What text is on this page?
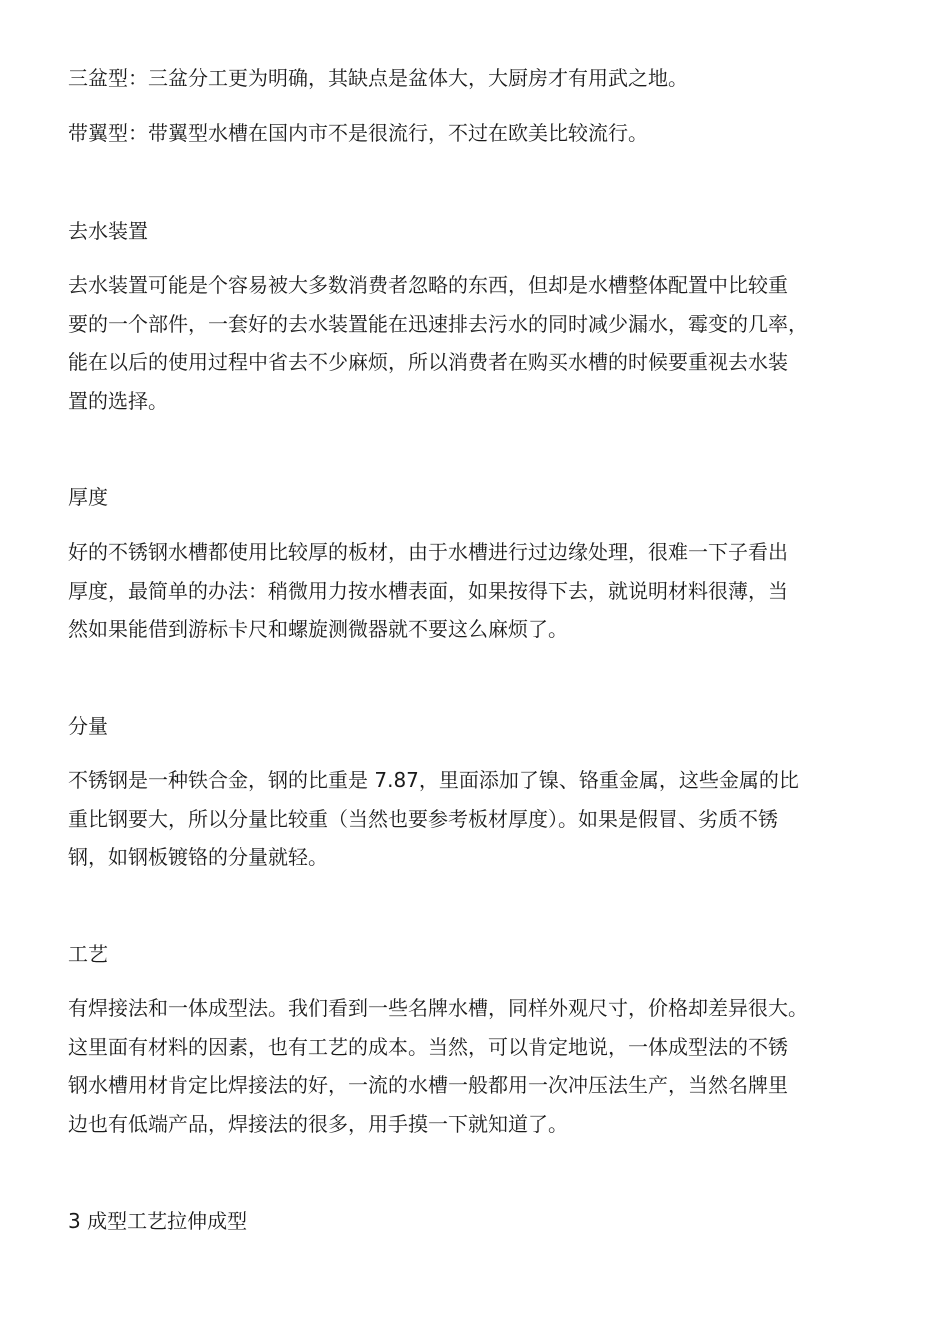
三盆型：三盆分工更为明确，其缺点是盆体大，大厨房才有用武之地。
带翼型：带翼型水槽在国内市不是很流行，不过在欧美比较流行。
去水装置

去水装置可能是个容易被大多数消费者忽略的东西，但却是水槽整体配置中比较重
要的一个部件，一套好的去水装置能在迅速排去污水的同时减少漏水，霉变的几率，
能在以后的使用过程中省去不少麻烦，所以消费者在购买水槽的时候要重视去水装
置的选择。

厚度

好的不锈钢水槽都使用比较厚的板材，由于水槽进行过边缘处理，很难一下子看出
厚度，最简单的办法：稍微用力按水槽表面，如果按得下去，就说明材料很薄，当
然如果能借到游标卡尺和螺旋测微器就不要这么麻烦了。

分量

不锈钢是一种铁合金，钢的比重是 7.87，里面添加了镍、铬重金属，这些金属的比
重比钢要大，所以分量比较重（当然也要参考板材厚度）。如果是假冒、劣质不锈
钢，如钢板镀铬的分量就轻。

工艺

有焊接法和一体成型法。我们看到一些名牌水槽，同样外观尺寸，价格却差异很大。
这里面有材料的因素，也有工艺的成本。当然，可以肯定地说，一体成型法的不锈
钢水槽用材肯定比焊接法的好，一流的水槽一般都用一次冲压法生产，当然名牌里
边也有低端产品，焊接法的很多，用手摸一下就知道了。

3 成型工艺拉伸成型
